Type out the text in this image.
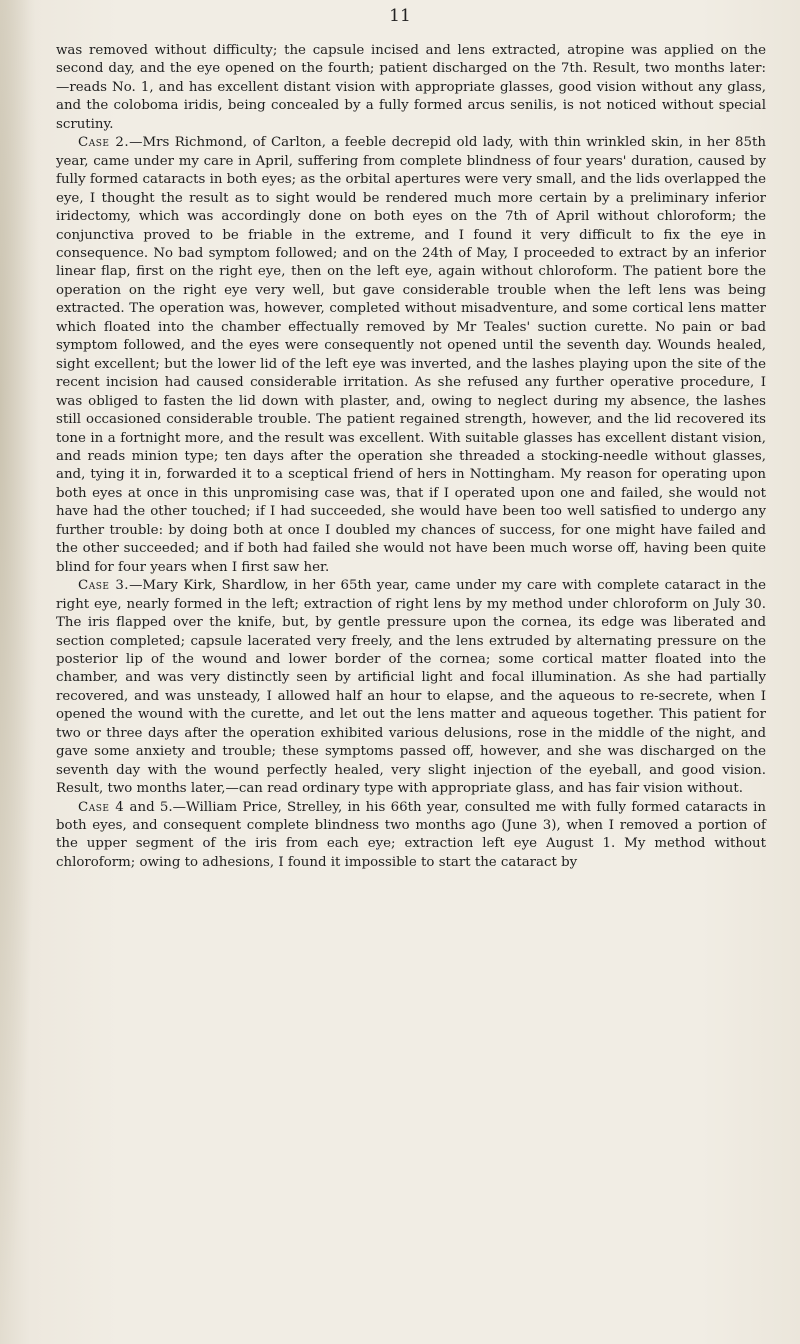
11

was removed without difficulty; the capsule incised and lens extracted, atropine was applied on the second day, and the eye opened on the fourth; patient discharged on the 7th. Result, two months later:—reads No. 1, and has excellent distant vision with appropriate glasses, good vision without any glass, and the coloboma iridis, being concealed by a fully formed arcus senilis, is not noticed without special scrutiny.

Case 2.—Mrs Richmond, of Carlton, a feeble decrepid old lady, with thin wrinkled skin, in her 85th year, came under my care in April, suffering from complete blindness of four years' duration, caused by fully formed cataracts in both eyes; as the orbital apertures were very small, and the lids overlapped the eye, I thought the result as to sight would be rendered much more certain by a preliminary inferior iridectomy, which was accordingly done on both eyes on the 7th of April without chloroform; the conjunctiva proved to be friable in the extreme, and I found it very difficult to fix the eye in consequence. No bad symptom followed; and on the 24th of May, I proceeded to extract by an inferior linear flap, first on the right eye, then on the left eye, again without chloroform. The patient bore the operation on the right eye very well, but gave considerable trouble when the left lens was being extracted. The operation was, however, completed without misadventure, and some cortical lens matter which floated into the chamber effectually removed by Mr Teales' suction curette. No pain or bad symptom followed, and the eyes were consequently not opened until the seventh day. Wounds healed, sight excellent; but the lower lid of the left eye was inverted, and the lashes playing upon the site of the recent incision had caused considerable irritation. As she refused any further operative procedure, I was obliged to fasten the lid down with plaster, and, owing to neglect during my absence, the lashes still occasioned considerable trouble. The patient regained strength, however, and the lid recovered its tone in a fortnight more, and the result was excellent. With suitable glasses has excellent distant vision, and reads minion type; ten days after the operation she threaded a stocking-needle without glasses, and, tying it in, forwarded it to a sceptical friend of hers in Nottingham. My reason for operating upon both eyes at once in this unpromising case was, that if I operated upon one and failed, she would not have had the other touched; if I had succeeded, she would have been too well satisfied to undergo any further trouble: by doing both at once I doubled my chances of success, for one might have failed and the other succeeded; and if both had failed she would not have been much worse off, having been quite blind for four years when I first saw her.

Case 3.—Mary Kirk, Shardlow, in her 65th year, came under my care with complete cataract in the right eye, nearly formed in the left; extraction of right lens by my method under chloroform on July 30. The iris flapped over the knife, but, by gentle pressure upon the cornea, its edge was liberated and section completed; capsule lacerated very freely, and the lens extruded by alternating pressure on the posterior lip of the wound and lower border of the cornea; some cortical matter floated into the chamber, and was very distinctly seen by artificial light and focal illumination. As she had partially recovered, and was unsteady, I allowed half an hour to elapse, and the aqueous to re-secrete, when I opened the wound with the curette, and let out the lens matter and aqueous together. This patient for two or three days after the operation exhibited various delusions, rose in the middle of the night, and gave some anxiety and trouble; these symptoms passed off, however, and she was discharged on the seventh day with the wound perfectly healed, very slight injection of the eyeball, and good vision. Result, two months later,—can read ordinary type with appropriate glass, and has fair vision without.

Case 4 and 5.—William Price, Strelley, in his 66th year, consulted me with fully formed cataracts in both eyes, and consequent complete blindness two months ago (June 3), when I removed a portion of the upper segment of the iris from each eye; extraction left eye August 1. My method without chloroform; owing to adhesions, I found it impossible to start the cataract by
